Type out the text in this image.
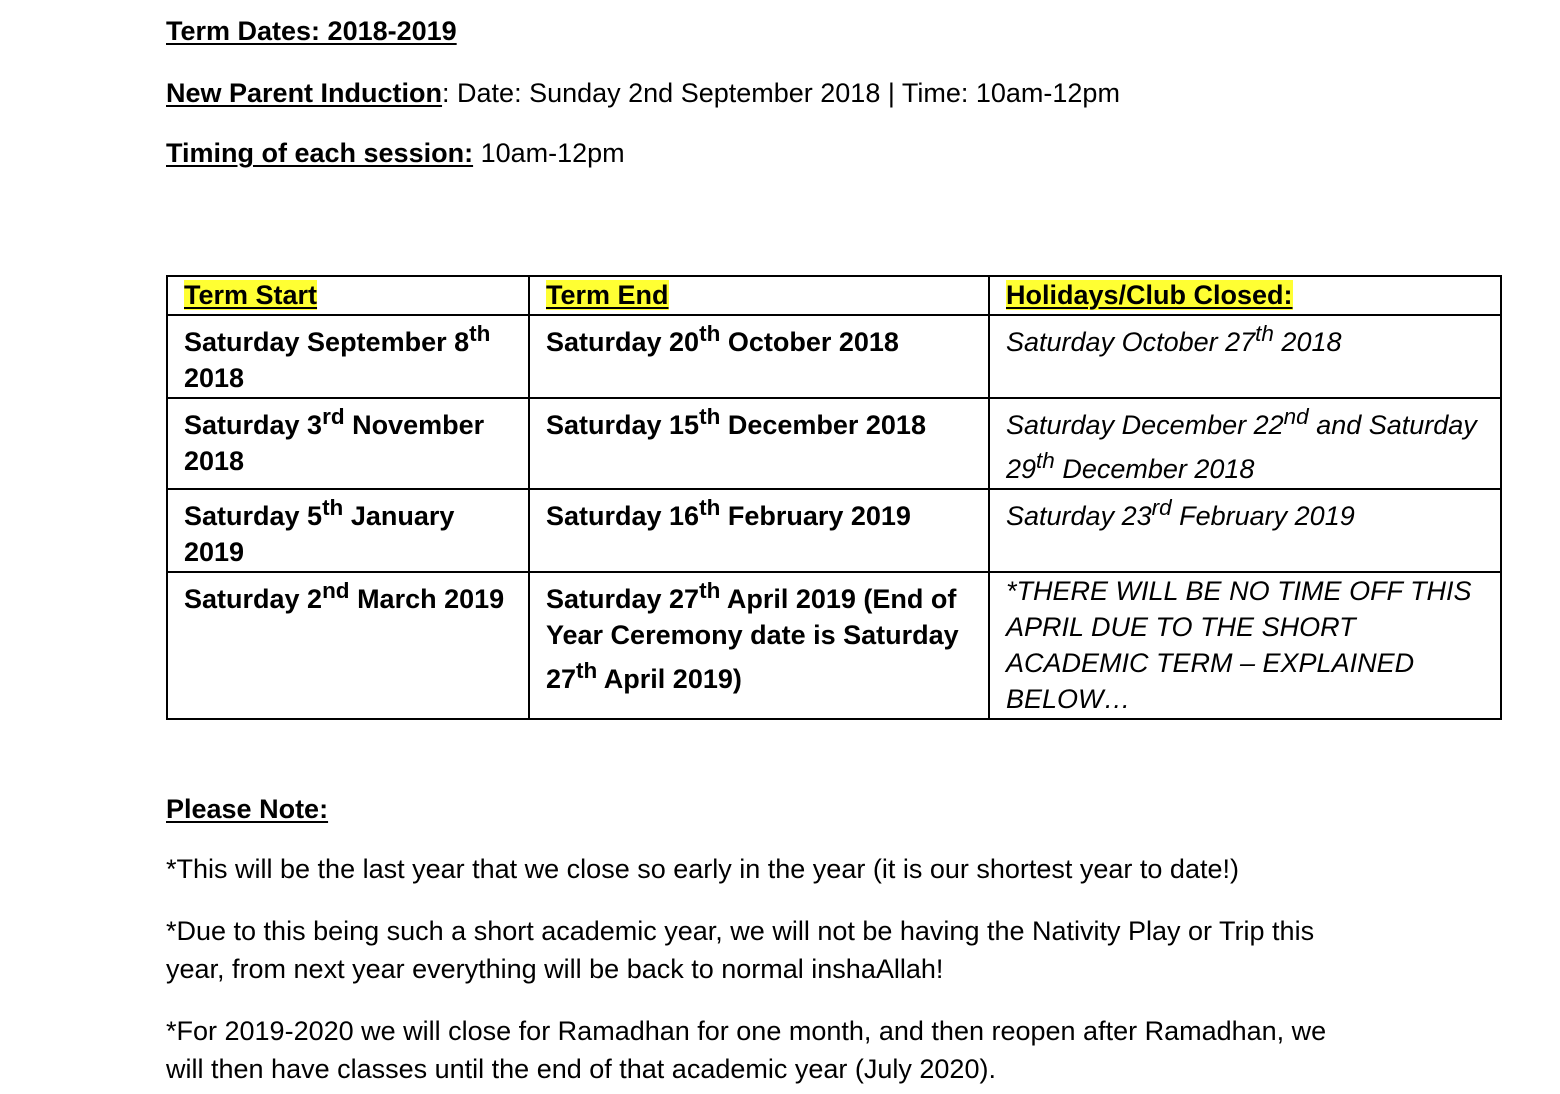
Term Dates: 2018-2019
New Parent Induction: Date: Sunday 2nd September 2018 | Time: 10am-12pm
Timing of each session: 10am-12pm
Term Start	Term End	Holidays/Club Closed:
Saturday September 8th 2018	Saturday 20th October 2018	Saturday October 27th 2018
Saturday 3rd November 2018	Saturday 15th December 2018	Saturday December 22nd and Saturday 29th December 2018
Saturday 5th January 2019	Saturday 16th February 2019	Saturday 23rd February 2019
Saturday 2nd March 2019	Saturday 27th April 2019 (End of Year Ceremony date is Saturday 27th April 2019)	*THERE WILL BE NO TIME OFF THIS APRIL DUE TO THE SHORT ACADEMIC TERM – EXPLAINED BELOW…
Please Note:
*This will be the last year that we close so early in the year (it is our shortest year to date!)
*Due to this being such a short academic year, we will not be having the Nativity Play or Trip this year, from next year everything will be back to normal inshaAllah!
*For 2019-2020 we will close for Ramadhan for one month, and then reopen after Ramadhan, we will then have classes until the end of that academic year (July 2020).
